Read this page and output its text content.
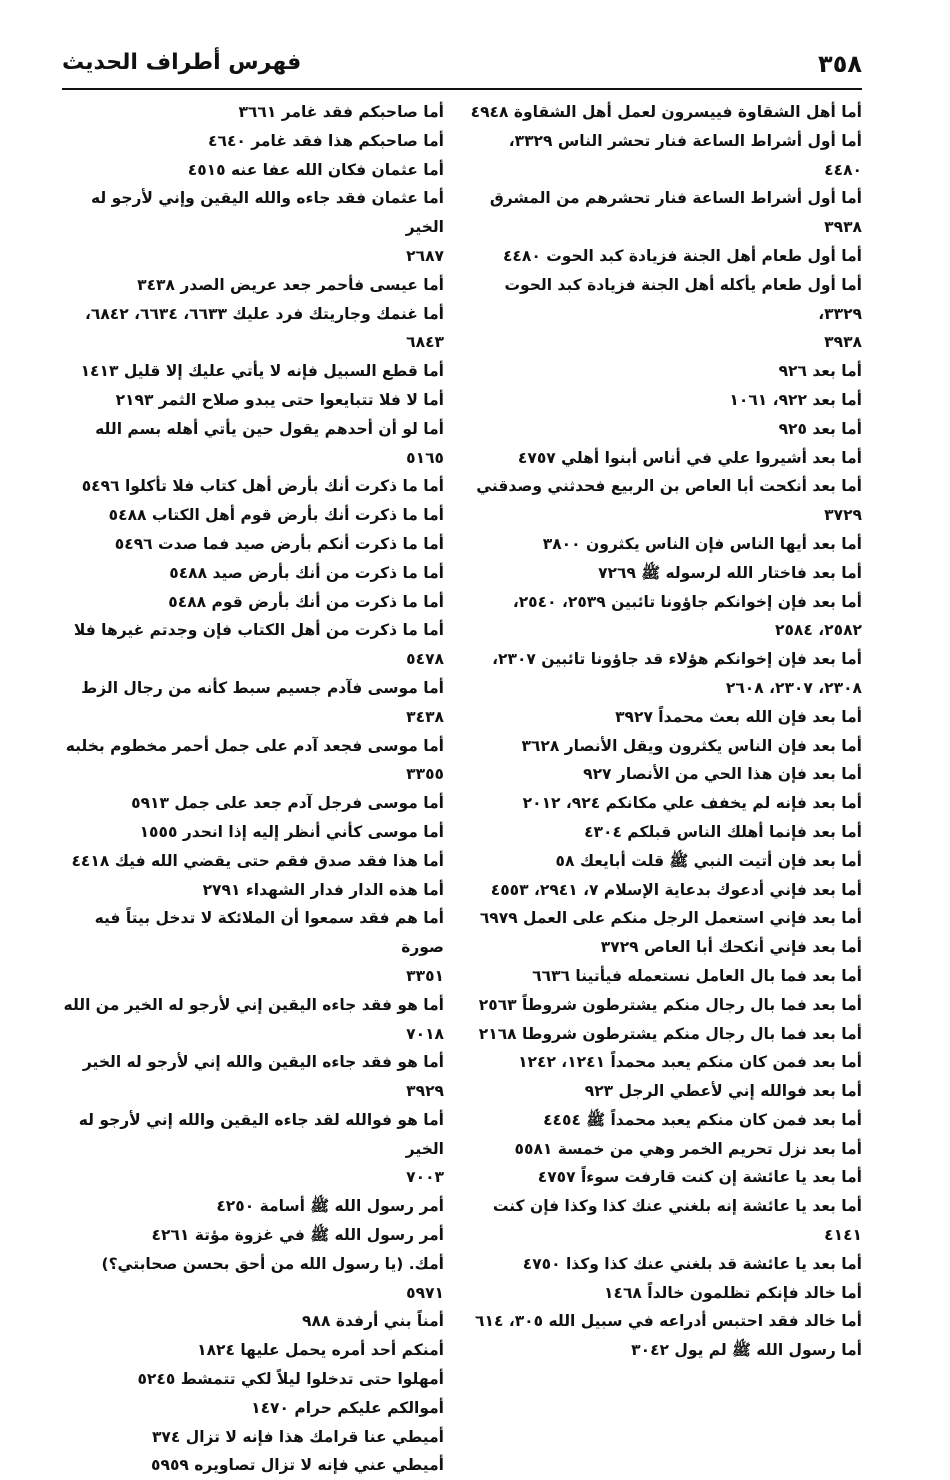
٣٥٨
فهرس أطراف الحديث
أما أهل الشقاوة فييسرون لعمل أهل الشقاوة ٤٩٤٨
أما أول أشراط الساعة فنار تحشر الناس ٣٣٢٩، ٤٤٨٠
أما أول أشراط الساعة فنار تحشرهم من المشرق ٣٩٣٨
أما أول طعام أهل الجنة فزيادة كبد الحوت ٤٤٨٠
أما أول طعام يأكله أهل الجنة فزيادة كبد الحوت ٣٣٢٩،
٣٩٣٨
أما بعد ٩٢٦
أما بعد ٩٢٢، ١٠٦١
أما بعد ٩٢٥
أما بعد أشيروا علي في أناس أبنوا أهلي ٤٧٥٧
أما بعد أنكحت أبا العاص بن الربيع فحدثني وصدقني
٣٧٢٩
أما بعد أيها الناس فإن الناس يكثرون ٣٨٠٠
أما بعد فاختار الله لرسوله ﷺ ٧٢٦٩
أما بعد فإن إخوانكم جاؤونا تائبين ٢٥٣٩، ٢٥٤٠،
٢٥٨٢، ٢٥٨٤
أما بعد فإن إخوانكم هؤلاء قد جاؤونا تائبين ٢٣٠٧،
٢٣٠٨، ٢٣٠٧، ٢٦٠٨
أما بعد فإن الله بعث محمداً ٣٩٢٧
أما بعد فإن الناس يكثرون ويقل الأنصار ٣٦٢٨
أما بعد فإن هذا الحي من الأنصار ٩٢٧
أما بعد فإنه لم يخفف علي مكانكم ٩٢٤، ٢٠١٢
أما بعد فإنما أهلك الناس قبلكم ٤٣٠٤
أما بعد فإن أتيت النبي ﷺ قلت أبايعك ٥٨
أما بعد فإني أدعوك بدعاية الإسلام ٧، ٢٩٤١، ٤٥٥٣
أما بعد فإني استعمل الرجل منكم على العمل ٦٩٧٩
أما بعد فإني أنكحك أبا العاص ٣٧٢٩
أما بعد فما بال العامل نستعمله فيأتينا ٦٦٣٦
أما بعد فما بال رجال منكم يشترطون شروطاً ٢٥٦٣
أما بعد فما بال رجال منكم يشترطون شروطا ٢١٦٨
أما بعد فمن كان منكم يعبد محمداً ١٢٤١، ١٢٤٢
أما بعد فوالله إني لأعطي الرجل ٩٢٣
أما بعد فمن كان منكم يعبد محمداً ﷺ ٤٤٥٤
أما بعد نزل تحريم الخمر وهي من خمسة ٥٥٨١
أما بعد يا عائشة إن كنت قارفت سوءاً ٤٧٥٧
أما بعد يا عائشة إنه بلغني عنك كذا وكذا فإن كنت ٤١٤١
أما بعد يا عائشة قد بلغني عنك كذا وكذا ٤٧٥٠
أما خالد فإنكم تظلمون خالداً ١٤٦٨
أما خالد فقد احتبس أدراعه في سبيل الله ٣٠٥، ٦١٤
أما رسول الله ﷺ لم يول ٣٠٤٢
أما صاحبكم فقد غامر ٣٦٦١
أما صاحبكم هذا فقد غامر ٤٦٤٠
أما عثمان فكان الله عفا عنه ٤٥١٥
أما عثمان فقد جاءه والله اليقين وإني لأرجو له الخير
٢٦٨٧
أما عيسى فأحمر جعد عريض الصدر ٣٤٣٨
أما غنمك وجاريتك فرد عليك ٦٦٣٣، ٦٦٣٤، ٦٨٤٢،
٦٨٤٣
أما قطع السبيل فإنه لا يأتي عليك إلا قليل ١٤١٣
أما لا فلا تتبايعوا حتى يبدو صلاح الثمر ٢١٩٣
أما لو أن أحدهم يقول حين يأتي أهله بسم الله ٥١٦٥
أما ما ذكرت أنك بأرض أهل كتاب فلا تأكلوا ٥٤٩٦
أما ما ذكرت أنك بأرض قوم أهل الكتاب ٥٤٨٨
أما ما ذكرت أنكم بأرض صيد فما صدت ٥٤٩٦
أما ما ذكرت من أنك بأرض صيد ٥٤٨٨
أما ما ذكرت من أنك بأرض قوم ٥٤٨٨
أما ما ذكرت من أهل الكتاب فإن وجدتم غيرها فلا ٥٤٧٨
أما موسى فآدم جسيم سبط كأنه من رجال الزط ٣٤٣٨
أما موسى فجعد آدم على جمل أحمر مخطوم بخلبه
٣٣٥٥
أما موسى فرجل آدم جعد على جمل ٥٩١٣
أما موسى كأني أنظر إليه إذا انحدر ١٥٥٥
أما هذا فقد صدق فقم حتى يقضي الله فيك ٤٤١٨
أما هذه الدار فدار الشهداء ٢٧٩١
أما هم فقد سمعوا أن الملائكة لا تدخل بيتاً فيه صورة
٣٣٥١
أما هو فقد جاءه اليقين إني لأرجو له الخير من الله
٧٠١٨
أما هو فقد جاءه اليقين والله إني لأرجو له الخير ٣٩٢٩
أما هو فوالله لقد جاءه اليقين والله إني لأرجو له الخير
٧٠٠٣
أمر رسول الله ﷺ أسامة ٤٢٥٠
أمر رسول الله ﷺ في غزوة مؤتة ٤٢٦١
أمك. (يا رسول الله من أحق بحسن صحابتي؟) ٥٩٧١
أمناً بني أرفدة ٩٨٨
أمنكم أحد أمره يحمل عليها ١٨٢٤
أمهلوا حتى تدخلوا ليلاً لكي تتمشط ٥٢٤٥
أموالكم عليكم حرام ١٤٧٠
أميطي عنا قرامك هذا فإنه لا تزال ٣٧٤
أميطي عني فإنه لا تزال تصاويره ٥٩٥٩
